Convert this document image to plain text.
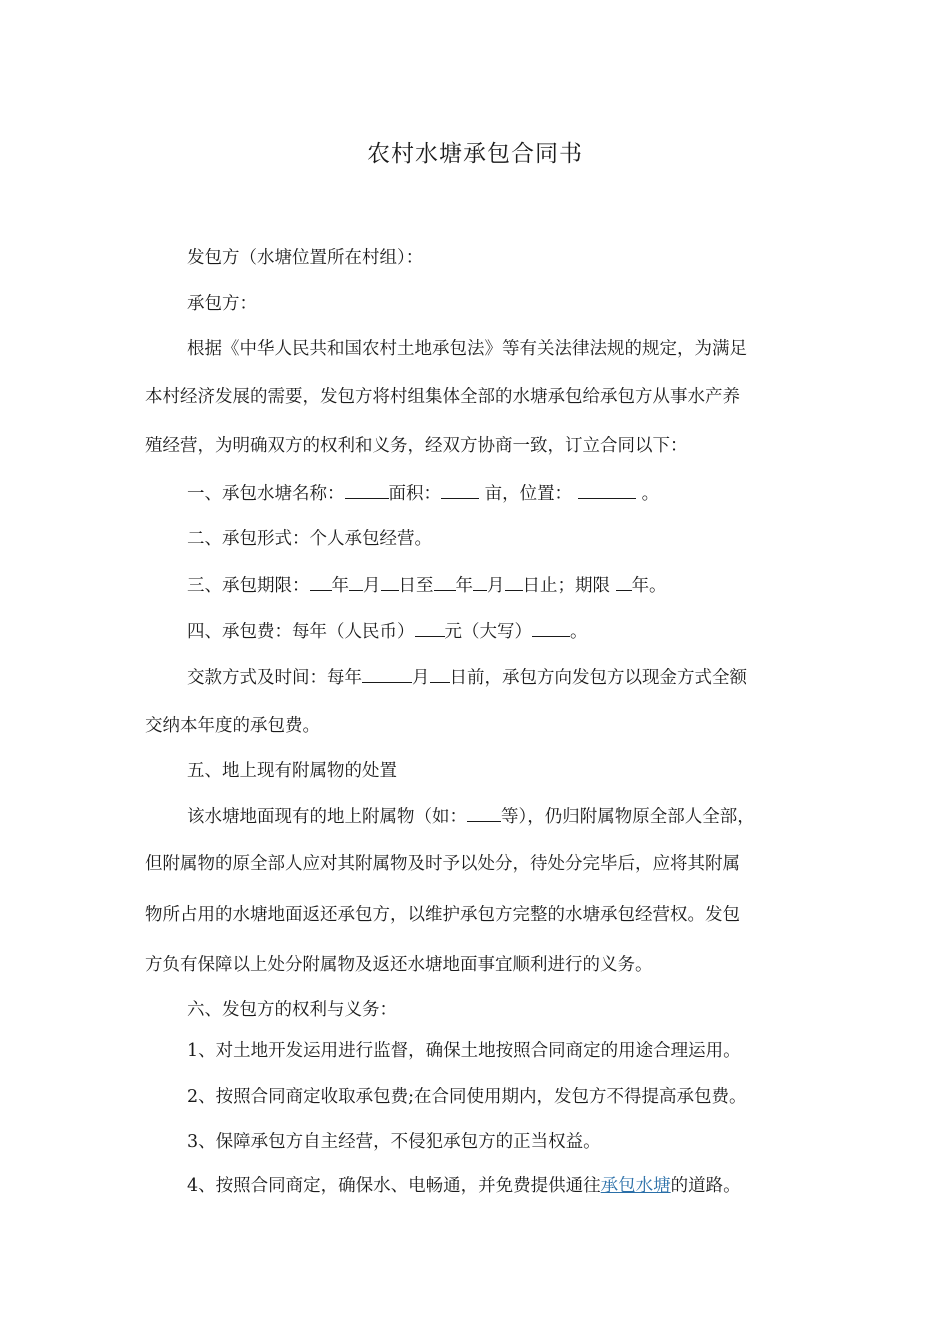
农村水塘承包合同书
发包方（水塘位置所在村组）：
承包方：
根据《中华人民共和国农村土地承包法》等有关法律法规的规定，为满足
本村经济发展的需要，发包方将村组集体全部的水塘承包给承包方从事水产养
殖经营，为明确双方的权利和义务，经双方协商一致，订立合同以下：
一、承包水塘名称：	面积： 亩，位置：	。
二、承包形式：个人承包经营。
三、承包期限： 年 月 日至 年 月 日止；期限 年。
四、承包费：每年（人民币） 元（大写） 。
交款方式及时间：每年	月 日前，承包方向发包方以现金方式全额
交纳本年度的承包费。
五、地上现有附属物的处置
该水塘地面现有的地上附属物（如： 等），仍归附属物原全部人全部，
但附属物的原全部人应对其附属物及时予以处分，待处分完毕后，应将其附属
物所占用的水塘地面返还承包方，以维护承包方完整的水塘承包经营权。发包
方负有保障以上处分附属物及返还水塘地面事宜顺利进行的义务。
六、发包方的权利与义务：
1、对土地开发运用进行监督，确保土地按照合同商定的用途合理运用。
2、按照合同商定收取承包费;在合同使用期内，发包方不得提高承包费。
3、保障承包方自主经营，不侵犯承包方的正当权益。
4、按照合同商定，确保水、电畅通，并免费提供通往承包水塘的道路。
